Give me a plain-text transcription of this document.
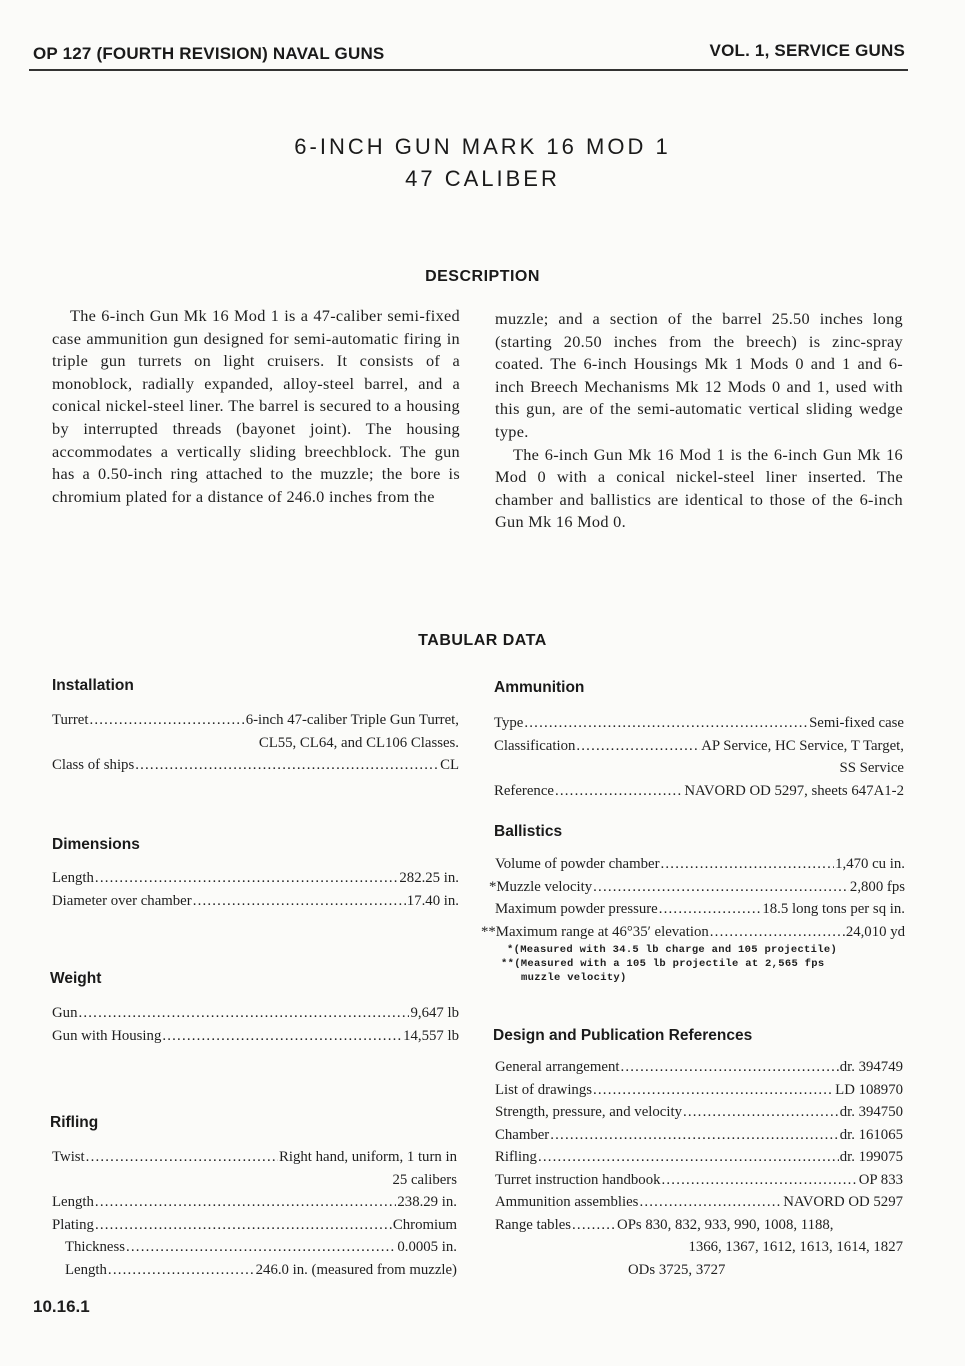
OP 127 (FOURTH REVISION) NAVAL GUNS	VOL. 1, SERVICE GUNS
6-INCH GUN MARK 16 MOD 1
47 CALIBER
DESCRIPTION

The 6-inch Gun Mk 16 Mod 1 is a 47-caliber semi-fixed case ammunition gun designed for semi-automatic firing in triple gun turrets on light cruisers. It consists of a monoblock, radially expanded, alloy-steel barrel, and a conical nickel-steel liner. The barrel is secured to a housing by interrupted threads (bayonet joint). The housing accommodates a vertically sliding breechblock. The gun has a 0.50-inch ring attached to the muzzle; the bore is chromium plated for a distance of 246.0 inches from the

muzzle; and a section of the barrel 25.50 inches long (starting 20.50 inches from the breech) is zinc-spray coated. The 6-inch Housings Mk 1 Mods 0 and 1 and 6-inch Breech Mechanisms Mk 12 Mods 0 and 1, used with this gun, are of the semi-automatic vertical sliding wedge type.

The 6-inch Gun Mk 16 Mod 1 is the 6-inch Gun Mk 16 Mod 0 with a conical nickel-steel liner inserted. The chamber and ballistics are identical to those of the 6-inch Gun Mk 16 Mod 0.

TABULAR DATA
Installation
Turret .....	6-inch 47-caliber Triple Gun Turret,
CL55, CL64, and CL106 Classes.
Class of ships .....	CL
Dimensions
Length .....	282.25 in.
Diameter over chamber .....	17.40 in.
Weight
Gun .....	9,647 lb
Gun with Housing .....	14,557 lb
Rifling
Twist .....	Right hand, uniform, 1 turn in
25 calibers
Length .....	238.29 in.
Plating .....	Chromium
Thickness .....	0.0005 in.
Length .....	246.0 in. (measured from muzzle)
Ammunition
Type .....	Semi-fixed case
Classification .....	AP Service, HC Service, T Target,
SS Service
Reference .....	NAVORD OD 5297, sheets 647A1-2
Ballistics
Volume of powder chamber .....	1,470 cu in.
*Muzzle velocity .....	2,800 fps
Maximum powder pressure .....	18.5 long tons per sq in.
**Maximum range at 46°35′ elevation .....	24,010 yd
*(Measured with 34.5 lb charge and 105 projectile)
**(Measured with a 105 lb projectile at 2,565 fps
muzzle velocity)
Design and Publication References
General arrangement .....	dr. 394749
List of drawings .....	LD 108970
Strength, pressure, and velocity .....	dr. 394750
Chamber .....	dr. 161065
Rifling .....	dr. 199075
Turret instruction handbook .....	OP 833
Ammunition assemblies .....	NAVORD OD 5297
Range tables .....	OPs 830, 832, 933, 990, 1008, 1188,
1366, 1367, 1612, 1613, 1614, 1827
ODs 3725, 3727
10.16.1
